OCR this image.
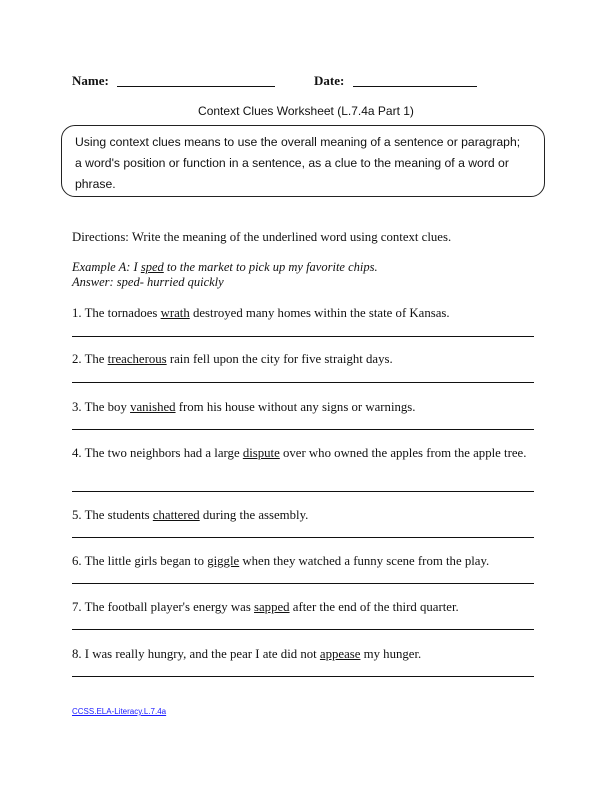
Name:	Date:
Context Clues Worksheet (L.7.4a Part 1)
Using context clues means to use the overall meaning of a sentence or paragraph; a word's position or function in a sentence, as a clue to the meaning of a word or phrase.
Directions: Write the meaning of the underlined word using context clues.
Example A: I sped to the market to pick up my favorite chips.
Answer: sped- hurried quickly
1. The tornadoes wrath destroyed many homes within the state of Kansas.
2. The treacherous rain fell upon the city for five straight days.
3. The boy vanished from his house without any signs or warnings.
4. The two neighbors had a large dispute over who owned the apples from the apple tree.
5. The students chattered during the assembly.
6. The little girls began to giggle when they watched a funny scene from the play.
7. The football player's energy was sapped after the end of the third quarter.
8. I was really hungry, and the pear I ate did not appease my hunger.
CCSS.ELA-Literacy.L.7.4a
